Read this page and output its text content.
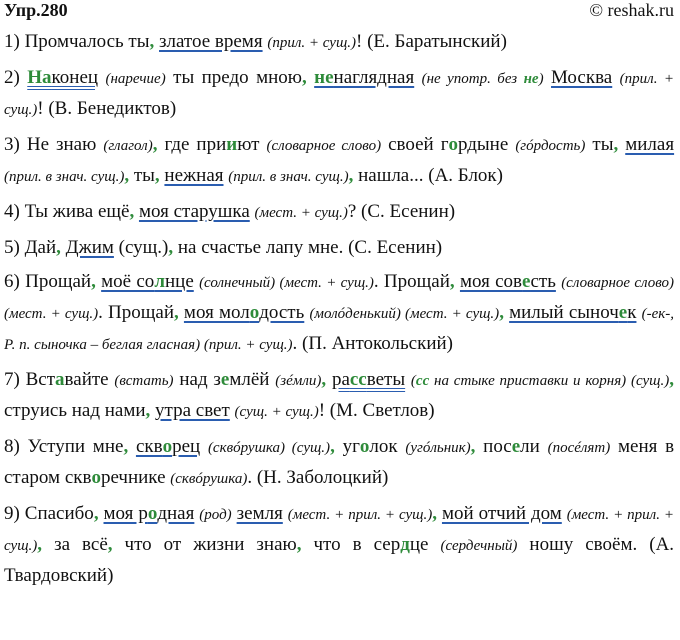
Упр.280	© reshak.ru

1) Промчалось ты, златое время (прил. + сущ.)! (Е. Баратынский)

2) Наконец (наречие) ты предо мною, ненаглядная (не употр. без не) Москва (прил. + сущ.)! (В. Бенедиктов)

3) Не знаю (глагол), где прииют (словарное слово) своей гордыне (гóрдость) ты, милая (прил. в знач. сущ.), ты, нежная (прил. в знач. сущ.), нашла... (А. Блок)

4) Ты жива ещё, моя старушка (мест. + сущ.)? (С. Есенин)

5) Дай, Джим (сущ.), на счастье лапу мне. (С. Есенин)

6) Прощай, моё солнце (солнечный) (мест. + сущ.). Прощай, моя совесть (словарное слово) (мест. + сущ.). Прощай, моя молодость (молóденький) (мест. + сущ.), милый сыночек (-ек-, Р. п. сыночка – беглая гласная) (прил. + сущ.). (П. Антокольский)

7) Вставайте (встать) над землёй (зéмли), рассветы (сс на стыке приставки и корня) (сущ.), струись над нами, утра свет (сущ. + сущ.)! (М. Светлов)

8) Уступи мне, скворец (сквóрушка) (сущ.), уголок (угóльник), посели (посéлят) меня в старом скворечнике (сквóрушка). (Н. Заболоцкий)

9) Спасибо, моя родная (род) земля (мест. + прил. + сущ.), мой отчий дом (мест. + прил. + сущ.), за всё, что от жизни знаю, что в сердце (сердечный) ношу своём. (А. Твардовский)
